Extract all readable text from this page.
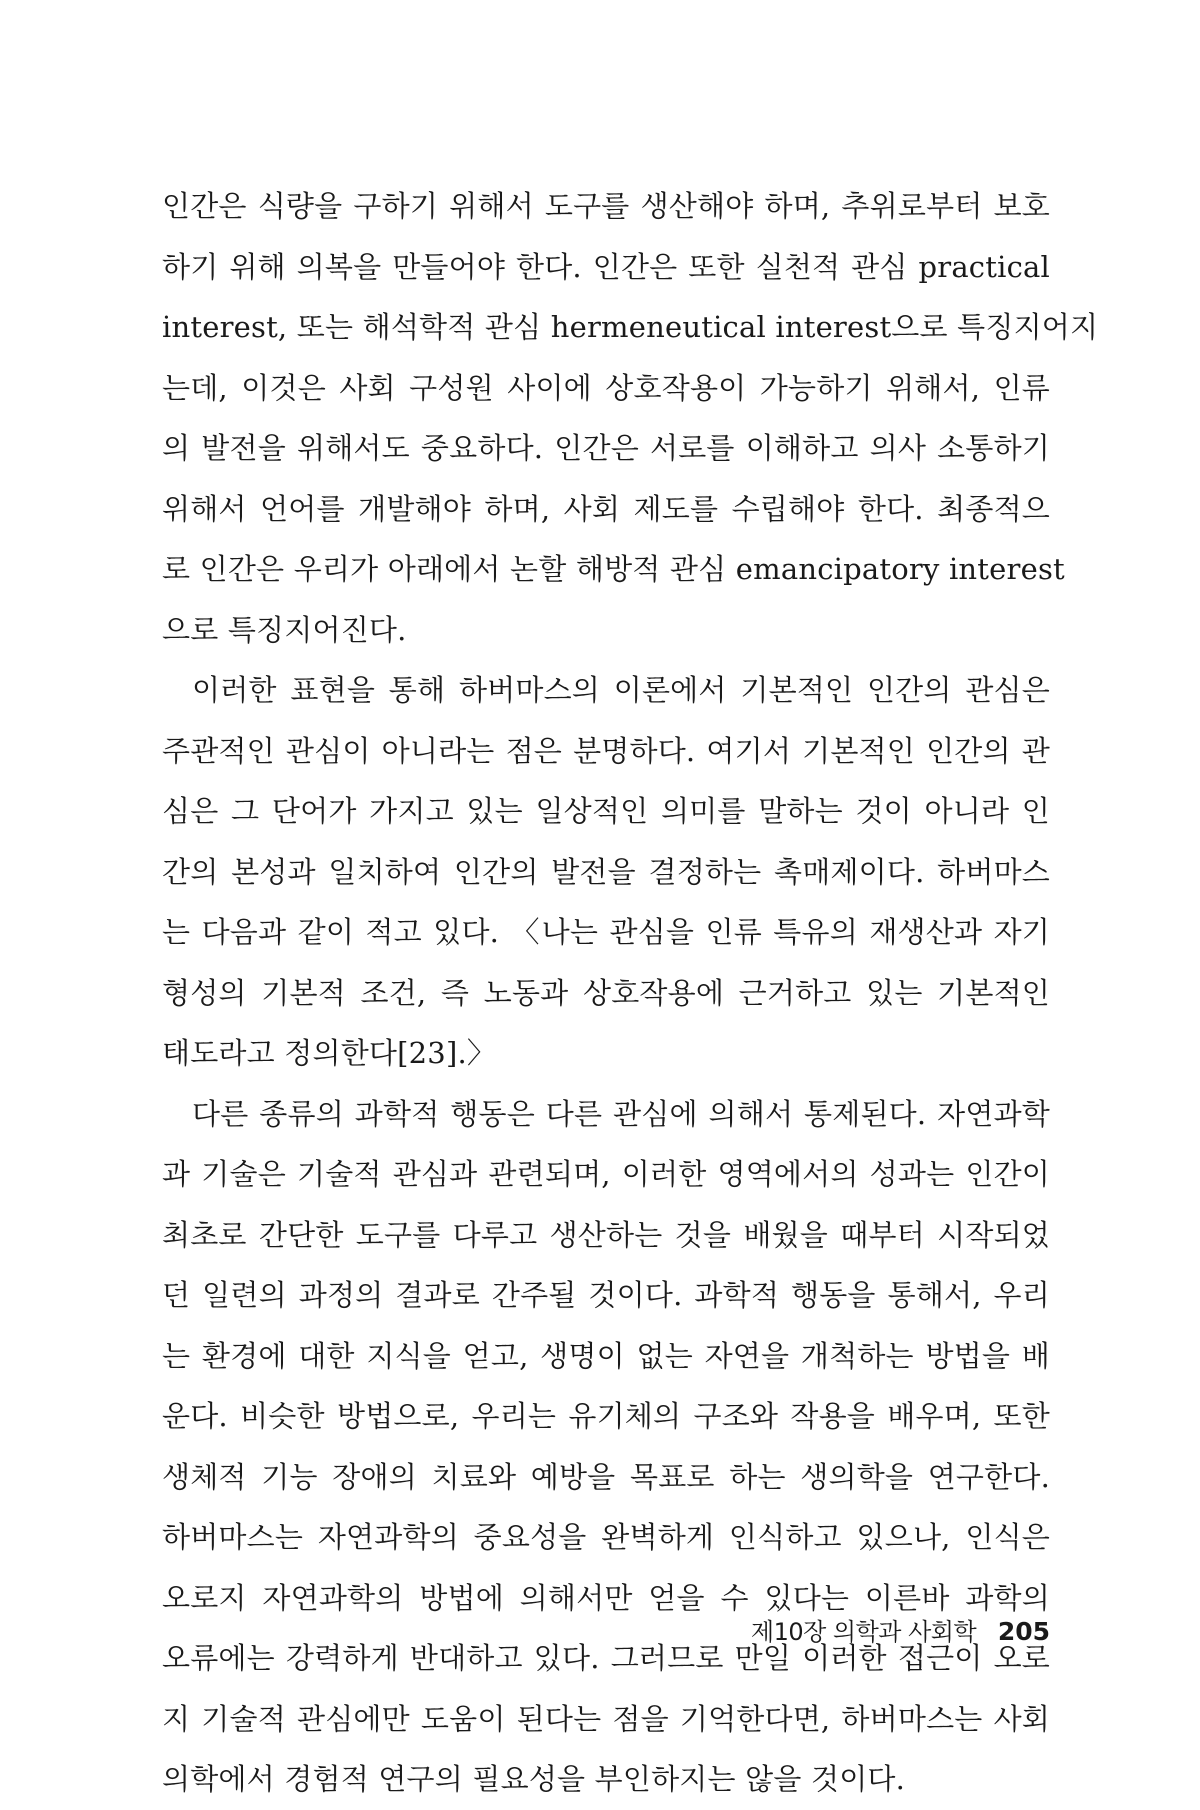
인간은 식량을 구하기 위해서 도구를 생산해야 하며, 추위로부터 보호
하기 위해 의복을 만들어야 한다. 인간은 또한 실천적 관심 practical
interest, 또는 해석학적 관심 hermeneutical interest으로 특징지어지
는데, 이것은 사회 구성원 사이에 상호작용이 가능하기 위해서, 인류
의 발전을 위해서도 중요하다. 인간은 서로를 이해하고 의사 소통하기
위해서 언어를 개발해야 하며, 사회 제도를 수립해야 한다. 최종적으
로 인간은 우리가 아래에서 논할 해방적 관심 emancipatory interest
으로 특징지어진다.
이러한 표현을 통해 하버마스의 이론에서 기본적인 인간의 관심은
주관적인 관심이 아니라는 점은 분명하다. 여기서 기본적인 인간의 관
심은 그 단어가 가지고 있는 일상적인 의미를 말하는 것이 아니라 인
간의 본성과 일치하여 인간의 발전을 결정하는 촉매제이다. 하버마스
는 다음과 같이 적고 있다. 〈나는 관심을 인류 특유의 재생산과 자기
형성의 기본적 조건, 즉 노동과 상호작용에 근거하고 있는 기본적인
태도라고 정의한다[23].〉
다른 종류의 과학적 행동은 다른 관심에 의해서 통제된다. 자연과학
과 기술은 기술적 관심과 관련되며, 이러한 영역에서의 성과는 인간이
최초로 간단한 도구를 다루고 생산하는 것을 배웠을 때부터 시작되었
던 일련의 과정의 결과로 간주될 것이다. 과학적 행동을 통해서, 우리
는 환경에 대한 지식을 얻고, 생명이 없는 자연을 개척하는 방법을 배
운다. 비슷한 방법으로, 우리는 유기체의 구조와 작용을 배우며, 또한
생체적 기능 장애의 치료와 예방을 목표로 하는 생의학을 연구한다.
하버마스는 자연과학의 중요성을 완벽하게 인식하고 있으나, 인식은
오로지 자연과학의 방법에 의해서만 얻을 수 있다는 이른바 과학의
오류에는 강력하게 반대하고 있다. 그러므로 만일 이러한 접근이 오로
지 기술적 관심에만 도움이 된다는 점을 기억한다면, 하버마스는 사회
의학에서 경험적 연구의 필요성을 부인하지는 않을 것이다.
제10장 의학과 사회학 205
